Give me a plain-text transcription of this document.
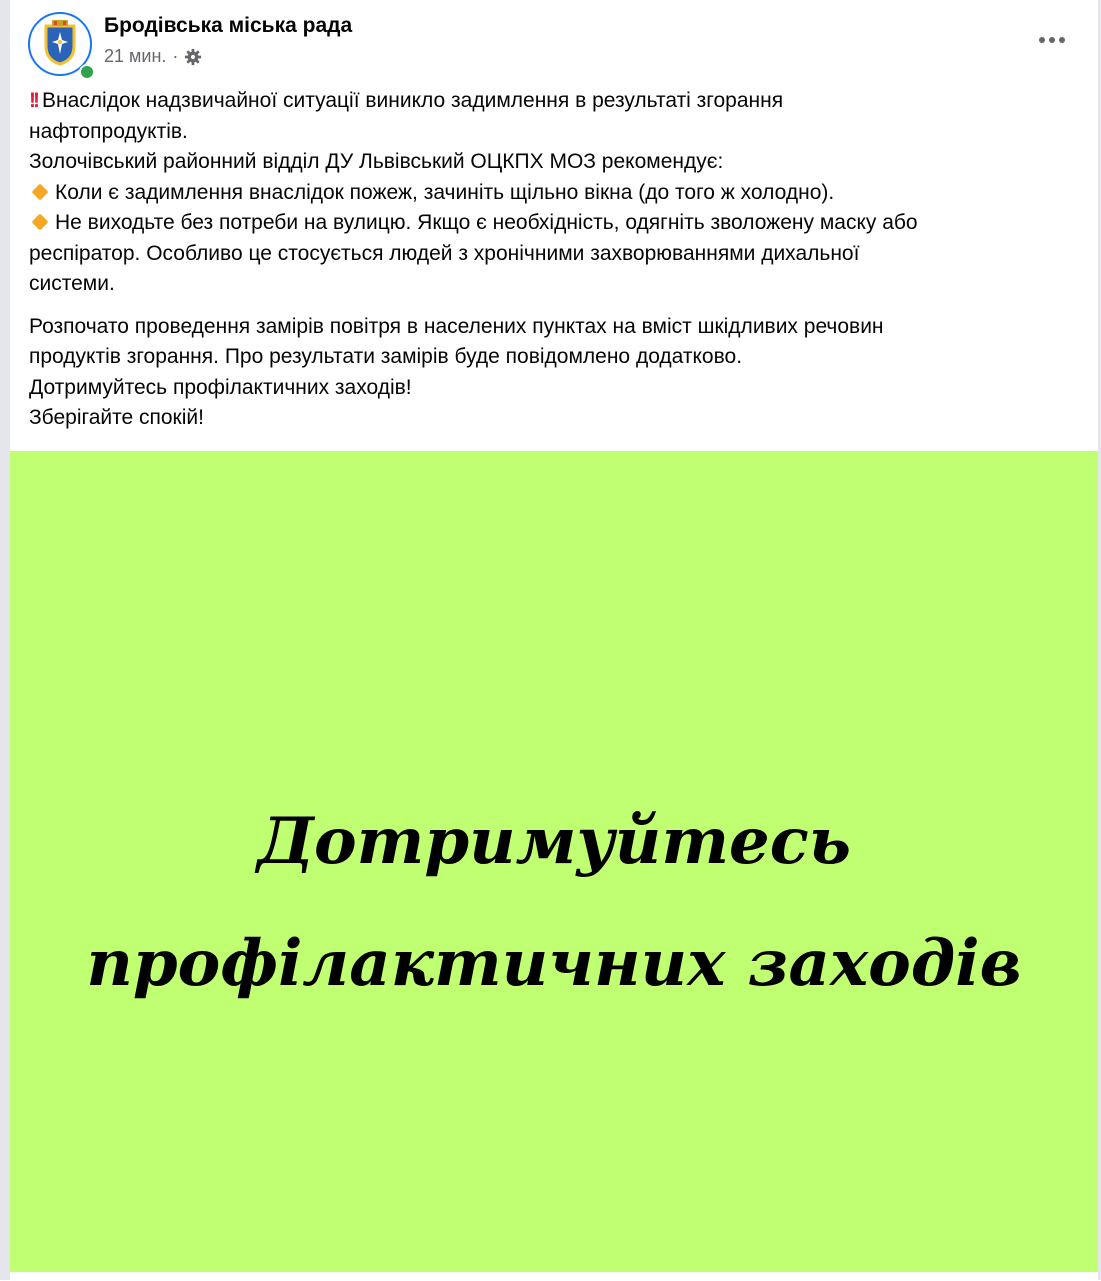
Бродівська міська рада
21 мин. ·

!! Внаслідок надзвичайної ситуації виникло задимлення в результаті згорання
нафтопродуктів.
Золочівський районний відділ ДУ Львівський ОЦКПХ МОЗ рекомендує:
Коли є задимлення внаслідок пожеж, зачиніть щільно вікна (до того ж холодно).
Не виходьте без потреби на вулицю. Якщо є необхідність, одягніть зволожену маску або
респіратор. Особливо це стосується людей з хронічними захворюваннями дихальної
системи.

Розпочато проведення замірів повітря в населених пунктах на вміст шкідливих речовин
продуктів згорання. Про результати замірів буде повідомлено додатково.
Дотримуйтесь профілактичних заходів!
Зберігайте спокій!

Дотримуйтесь
профілактичних заходів
